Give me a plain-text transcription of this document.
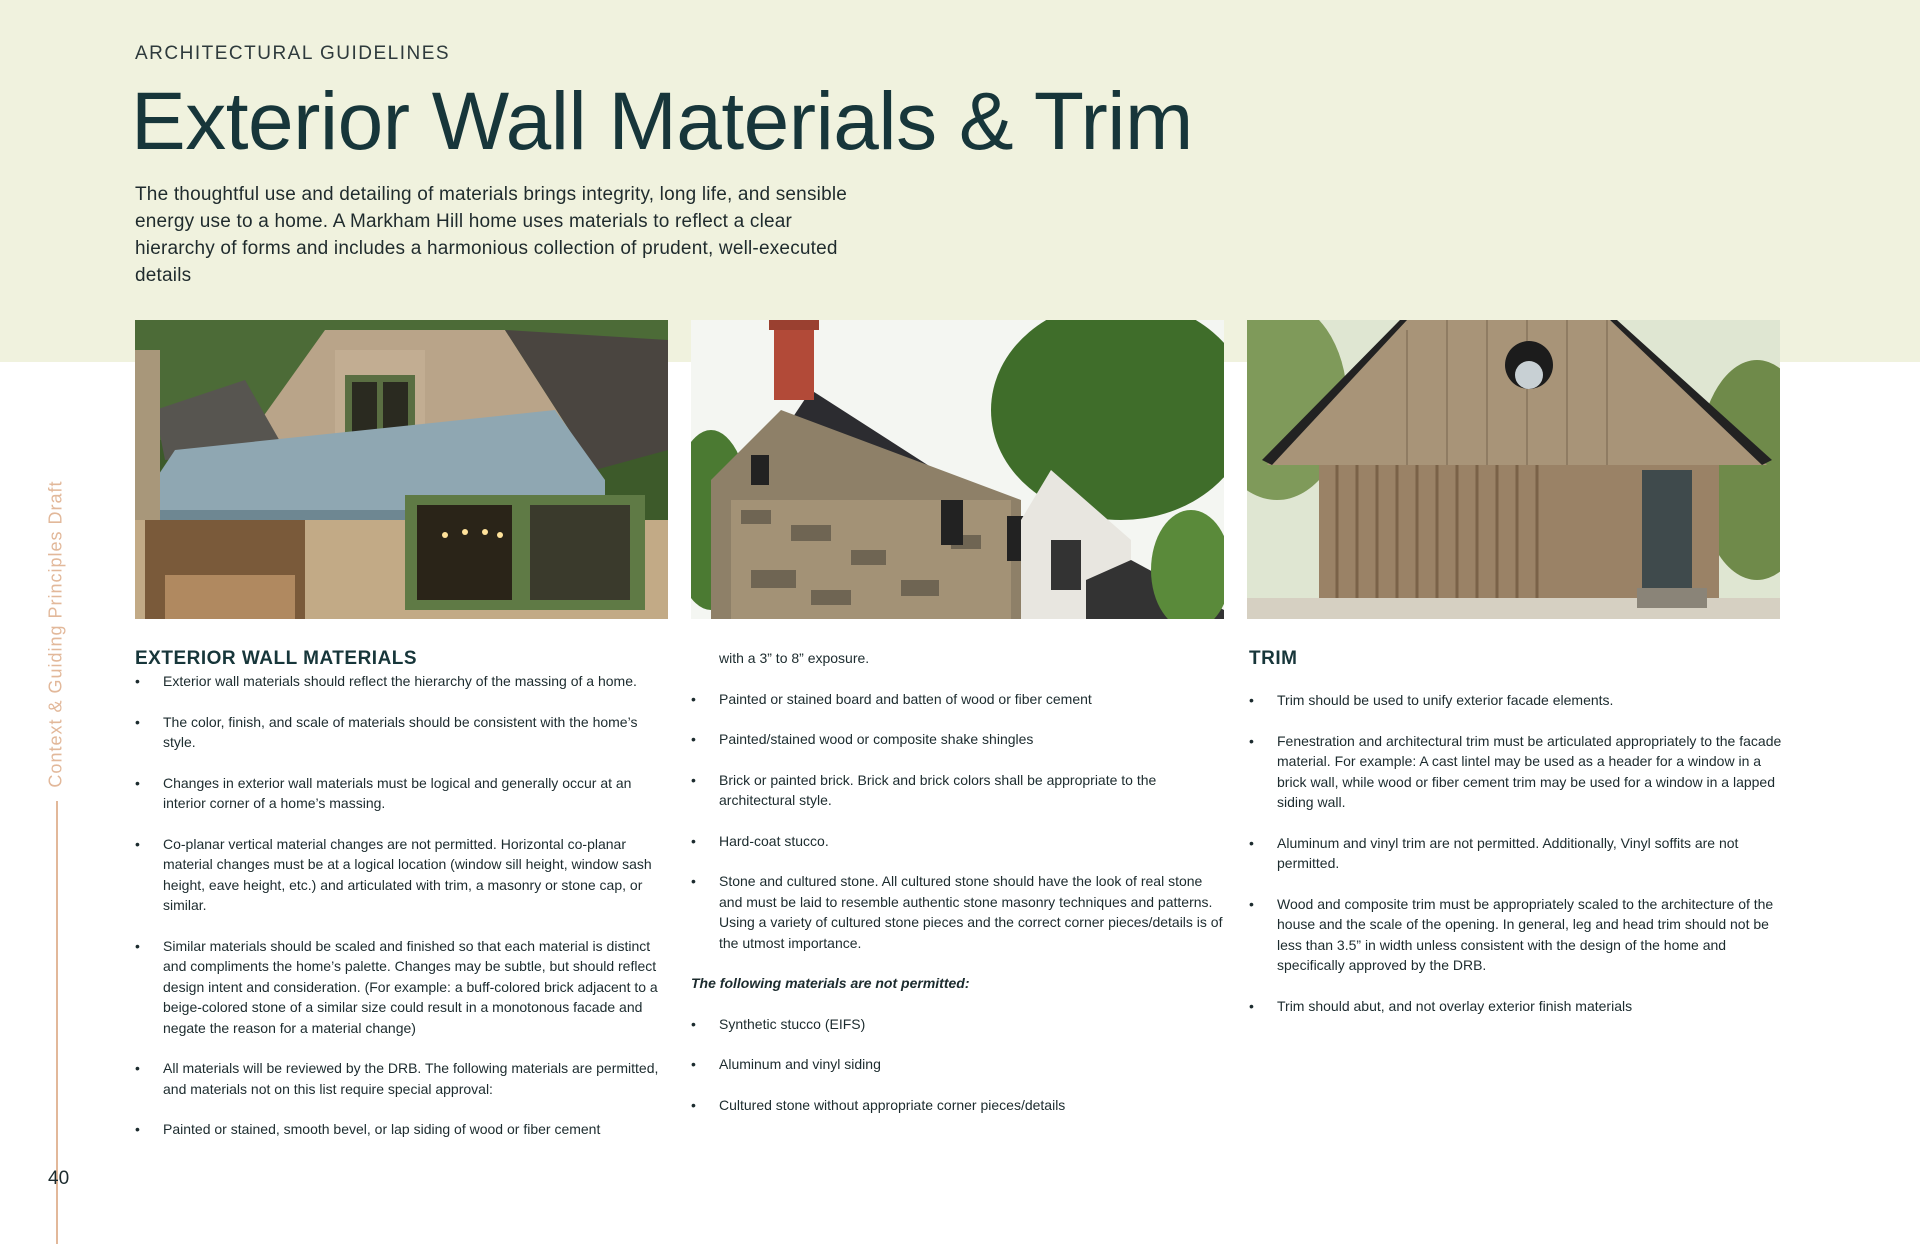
ARCHITECTURAL GUIDELINES
Exterior Wall Materials & Trim
The thoughtful use and detailing of materials brings integrity, long life, and sensible energy use to a home. A Markham Hill home uses materials to reflect a clear hierarchy of forms and includes a harmonious collection of prudent, well-executed details
Context & Guiding Principles Draft
40
EXTERIOR WALL MATERIALS
• Exterior wall materials should reflect the hierarchy of the massing of a home.
• The color, finish, and scale of materials should be consistent with the home’s style.
• Changes in exterior wall materials must be logical and generally occur at an interior corner of a home’s massing.
• Co-planar vertical material changes are not permitted. Horizontal co-planar material changes must be at a logical location (window sill height, window sash height, eave height, etc.) and articulated with trim, a masonry or stone cap, or similar.
• Similar materials should be scaled and finished so that each material is distinct and compliments the home’s palette. Changes may be subtle, but should reflect design intent and consideration. (For example: a buff-colored brick adjacent to a beige-colored stone of a similar size could result in a monotonous facade and negate the reason for a material change)
• All materials will be reviewed by the DRB. The following materials are permitted, and materials not on this list require special approval:
• Painted or stained, smooth bevel, or lap siding of wood or fiber cement
with a 3” to 8” exposure.
• Painted or stained board and batten of wood or fiber cement
• Painted/stained wood or composite shake shingles
• Brick or painted brick. Brick and brick colors shall be appropriate to the architectural style.
• Hard-coat stucco.
• Stone and cultured stone. All cultured stone should have the look of real stone and must be laid to resemble authentic stone masonry techniques and patterns. Using a variety of cultured stone pieces and the correct corner pieces/details is of the utmost importance.
The following materials are not permitted:
• Synthetic stucco (EIFS)
• Aluminum and vinyl siding
• Cultured stone without appropriate corner pieces/details
TRIM
• Trim should be used to unify exterior facade elements.
• Fenestration and architectural trim must be articulated appropriately to the facade material. For example: A cast lintel may be used as a header for a window in a brick wall, while wood or fiber cement trim may be used for a window in a lapped siding wall.
• Aluminum and vinyl trim are not permitted. Additionally, Vinyl soffits are not permitted.
• Wood and composite trim must be appropriately scaled to the architecture of the house and the scale of the opening. In general, leg and head trim should not be less than 3.5” in width unless consistent with the design of the home and specifically approved by the DRB.
• Trim should abut, and not overlay exterior finish materials
